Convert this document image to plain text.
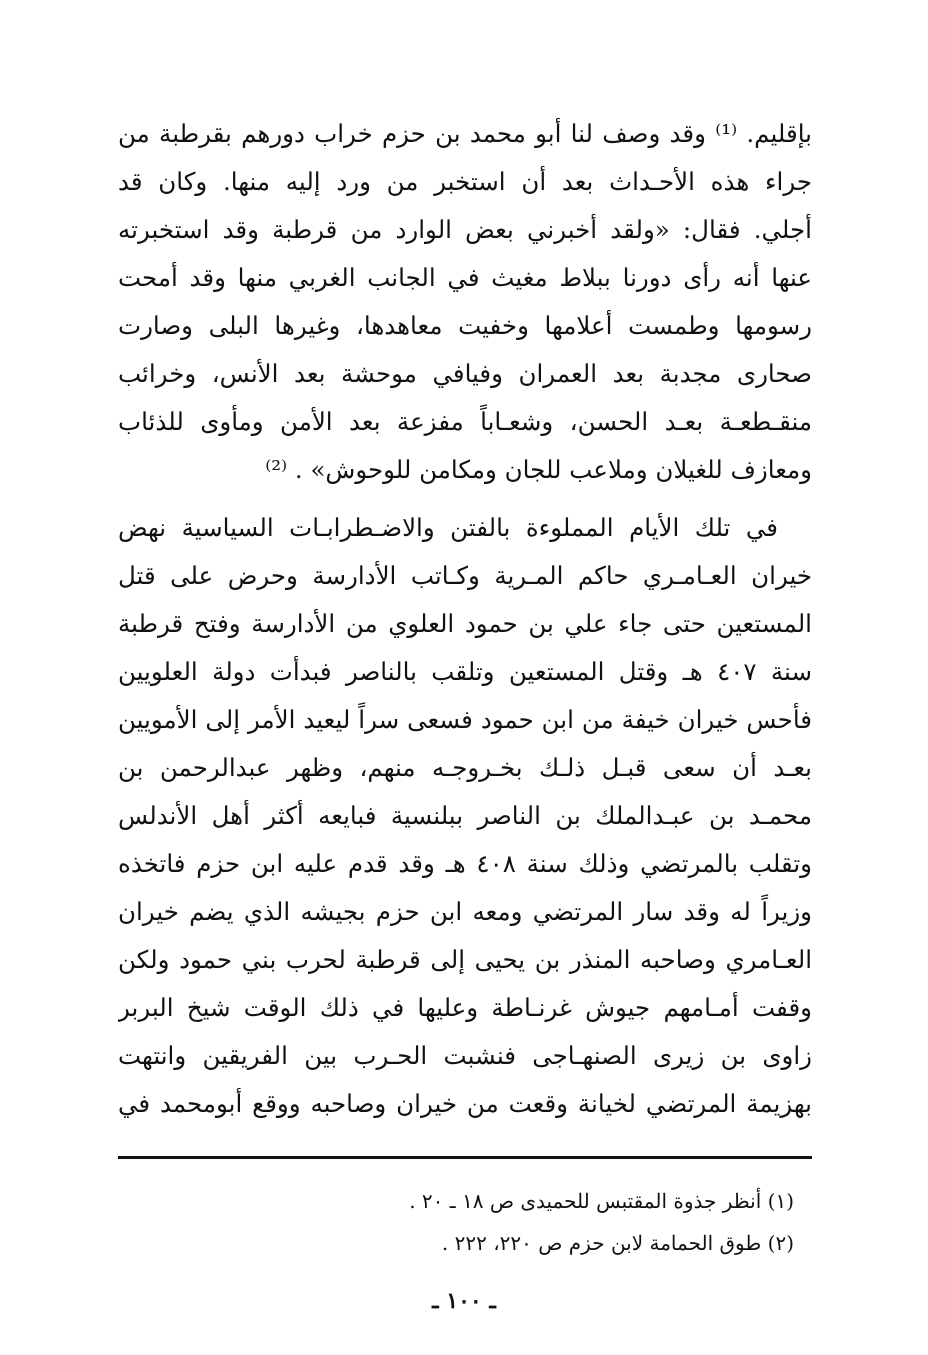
بإقليم. ⁽¹⁾ وقد وصف لنا أبو محمد بن حزم خراب دورهم بقرطبة من
جراء هذه الأحـداث بعد أن استخبر من ورد إليه منها. وكان قد
أجلي. فقال: «ولقد أخبرني بعض الوارد من قرطبة وقد استخبرته
عنها أنه رأى دورنا ببلاط مغيث في الجانب الغربي منها وقد أمحت
رسومها وطمست أعلامها وخفيت معاهدها، وغيرها البلى وصارت
صحارى مجدبة بعد العمران وفيافي موحشة بعد الأنس، وخرائب
منقـطعـة بعـد الحسن، وشعـاباً مفزعة بعد الأمن ومأوى للذئاب
ومعازف للغيلان وملاعب للجان ومكامن للوحوش» . ⁽²⁾
في تلك الأيام المملوءة بالفتن والاضـطرابـات السياسية نهض
خيران العـامـري حاكم المـرية وكـاتب الأدارسة وحرض على قتل
المستعين حتى جاء علي بن حمود العلوي من الأدارسة وفتح قرطبة
سنة ٤٠٧ هـ وقتل المستعين وتلقب بالناصر فبدأت دولة العلويين
فأحس خيران خيفة من ابن حمود فسعى سراً ليعيد الأمر إلى الأمويين
بعـد أن سعى قبـل ذلـك بخـروجـه منهم، وظهر عبدالرحمن بن
محمـد بن عبـدالملك بن الناصر ببلنسية فبايعه أكثر أهل الأندلس
وتقلب بالمرتضي وذلك سنة ٤٠٨ هـ وقد قدم عليه ابن حزم فاتخذه
وزيراً له وقد سار المرتضي ومعه ابن حزم بجيشه الذي يضم خيران
العـامري وصاحبه المنذر بن يحيى إلى قرطبة لحرب بني حمود ولكن
وقفت أمـامهم جيوش غرنـاطة وعليها في ذلك الوقت شيخ البربر
زاوى بن زيرى الصنهـاجى فنشبت الحـرب بين الفريقين وانتهت
بهزيمة المرتضي لخيانة وقعت من خيران وصاحبه ووقع أبومحمد في
(١) أنظر جذوة المقتبس للحميدى ص ١٨ ـ ٢٠ .
(٢) طوق الحمامة لابن حزم ص ٢٢٠، ٢٢٢ .
ـ ١٠٠ ـ
